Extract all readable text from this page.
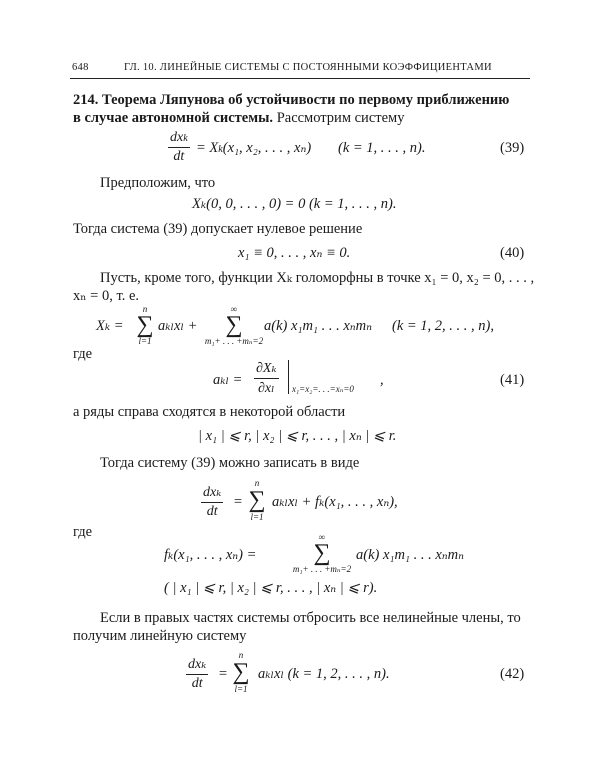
648	ГЛ. 10. ЛИНЕЙНЫЕ СИСТЕМЫ С ПОСТОЯННЫМИ КОЭФФИЦИЕНТАМИ
214. Теорема Ляпунова об устойчивости по первому приближению
в случае автономной системы. Рассмотрим систему
dxk
dt
= Xk(x₁, x₂, . . . , xₙ) (k = 1, . . . , n).	(39)
Предположим, что
Xₖ(0, 0, . . . , 0) = 0 (k = 1, . . . , n).
Тогда система (39) допускает нулевое решение
x₁ ≡ 0, . . . , xₙ ≡ 0.	(40)
Пусть, кроме того, функции Xₖ голоморфны в точке x₁ = 0, x₂ = 0, . . . ,
xₙ = 0, т. е.
Xₖ =
n
∑
l=1
aₖₗxₗ +
∞
∑
m₁+ . . . +mₙ=2
a(k) x₁m₁ . . . xₙmₙ (k = 1, 2, . . . , n),
где
aₖₗ =
∂Xₖ
∂xₗ	x₁=x₂=. . .=xₙ=0
,	(41)
а ряды справа сходятся в некоторой области
| x₁ | ⩽ r, | x₂ | ⩽ r, . . . , | xₙ | ⩽ r.
Тогда систему (39) можно записать в виде
dxₖ
dt
=
n
∑
l=1
aₖₗxₗ + fₖ(x₁, . . . , xₙ),
где
fₖ(x₁, . . . , xₙ) =
∞
∑
m₁+ . . . +mₙ=2
a(k) x₁m₁ . . . xₙmₙ
( | x₁ | ⩽ r, | x₂ | ⩽ r, . . . , | xₙ | ⩽ r).
Если в правых частях системы отбросить все нелинейные члены, то
получим линейную систему
dxₖ
dt
=
n
∑
l=1
aₖₗxₗ (k = 1, 2, . . . , n).	(42)
